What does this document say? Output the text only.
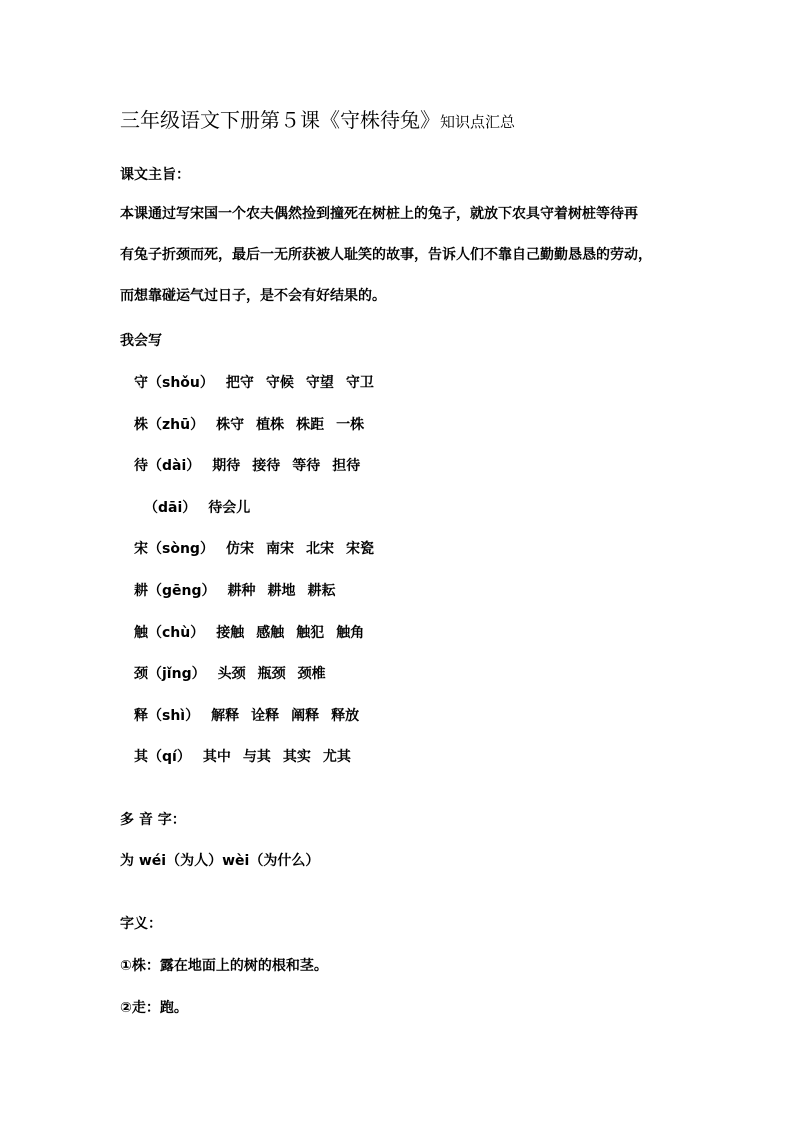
三年级语文下册第５课《守株待兔》知识点汇总
课文主旨：
本课通过写宋国一个农夫偶然捡到撞死在树桩上的兔子，就放下农具守着树桩等待再
有兔子折颈而死，最后一无所获被人耻笑的故事，告诉人们不靠自己勤勤恳恳的劳动，
而想靠碰运气过日子，是不会有好结果的。
我会写
守（shǒu） 把守 守候 守望 守卫
株（zhū） 株守 植株 株距 一株
待（dài） 期待 接待 等待 担待
（dāi） 待会儿
宋（sòng） 仿宋 南宋 北宋 宋瓷
耕（gēng） 耕种 耕地 耕耘
触（chù） 接触 感触 触犯 触角
颈（jǐng） 头颈 瓶颈 颈椎
释（shì） 解释 诠释 阐释 释放
其（qí） 其中 与其 其实 尤其
多 音 字：
为 wéi（为人）wèi（为什么）
字义：
①株：露在地面上的树的根和茎。
②走：跑。
